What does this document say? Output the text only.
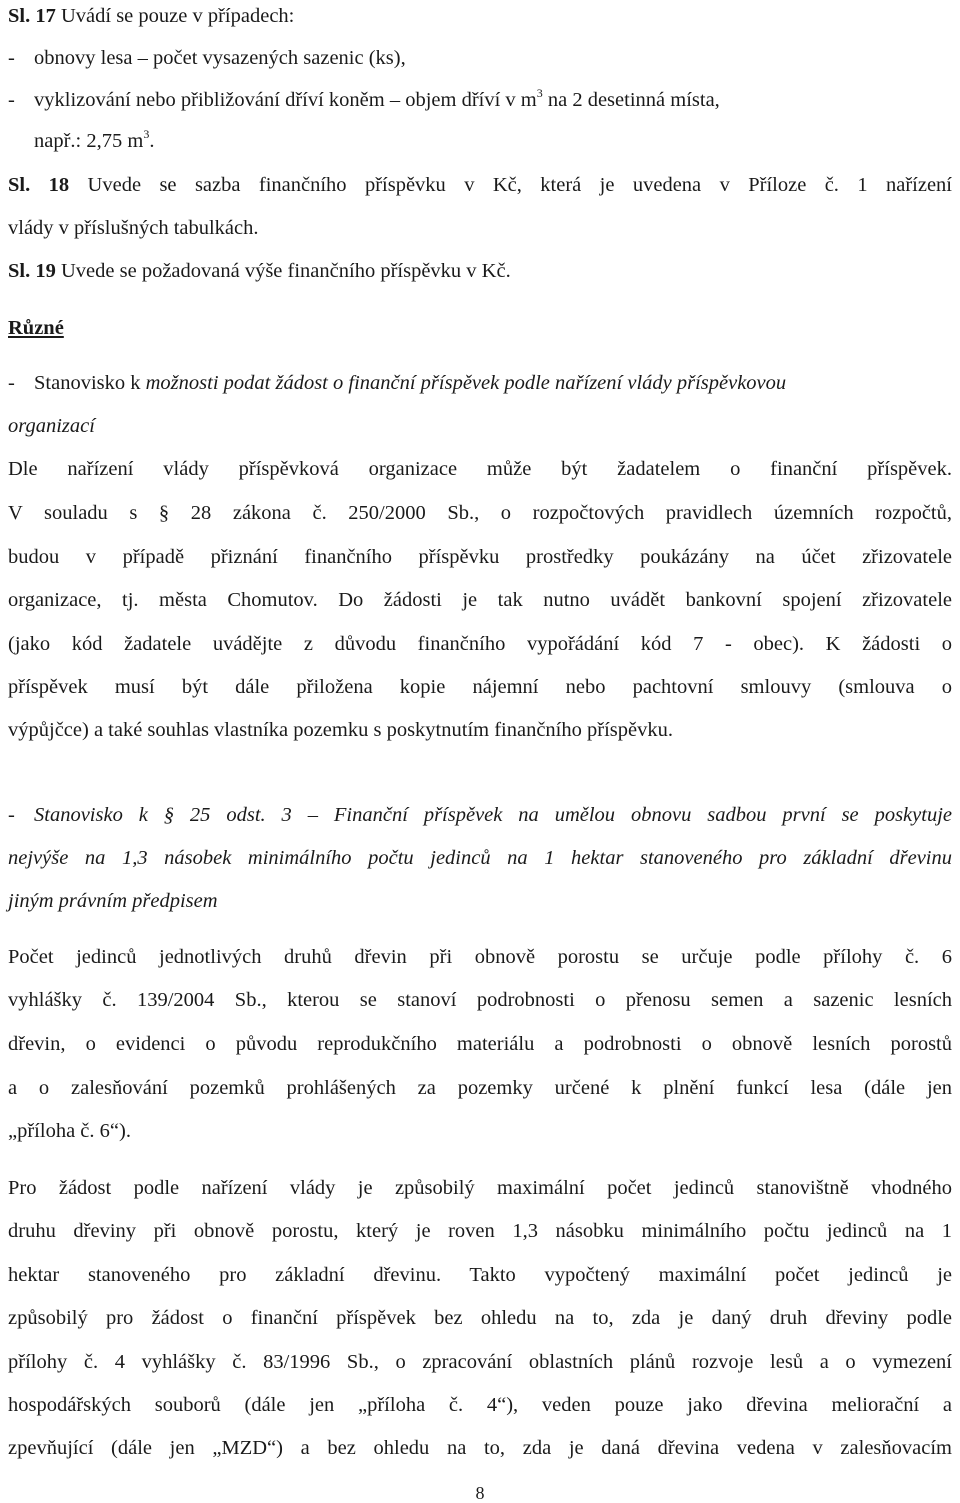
Sl. 17 Uvádí se pouze v případech:
- obnovy lesa – počet vysazených sazenic (ks),
- vyklizování nebo přibližování dříví koněm – objem dříví v $m^3$ na 2 desetinná místa,
např.: 2,75 $m^3$.
Sl. 18 Uvede se sazba finančního příspěvku v Kč, která je uvedena v Příloze č. 1 nařízení
vlády v příslušných tabulkách.
Sl. 19 Uvede se požadovaná výše finančního příspěvku v Kč.
Různé
- Stanovisko k možnosti podat žádost o finanční příspěvek podle nařízení vlády příspěvkovou
organizací
Dle nařízení vlády příspěvková organizace může být žadatelem o finanční příspěvek.
V souladu s § 28 zákona č. 250/2000 Sb., o rozpočtových pravidlech územních rozpočtů,
budou v případě přiznání finančního příspěvku prostředky poukázány na účet zřizovatele
organizace, tj. města Chomutov. Do žádosti je tak nutno uvádět bankovní spojení zřizovatele
(jako kód žadatele uvádějte z důvodu finančního vypořádání kód 7 - obec). K žádosti o
příspěvek musí být dále přiložena kopie nájemní nebo pachtovní smlouvy (smlouva o
výpůjčce) a také souhlas vlastníka pozemku s poskytnutím finančního příspěvku.
- Stanovisko k § 25 odst. 3 – Finanční příspěvek na umělou obnovu sadbou první se poskytuje
nejvýše na 1,3 násobek minimálního počtu jedinců na 1 hektar stanoveného pro základní dřevinu
jiným právním předpisem
Počet jedinců jednotlivých druhů dřevin při obnově porostu se určuje podle přílohy č. 6
vyhlášky č. 139/2004 Sb., kterou se stanoví podrobnosti o přenosu semen a sazenic lesních
dřevin, o evidenci o původu reprodukčního materiálu a podrobnosti o obnově lesních porostů
a o zalesňování pozemků prohlášených za pozemky určené k plnění funkcí lesa (dále jen
„příloha č. 6“).
Pro žádost podle nařízení vlády je způsobilý maximální počet jedinců stanovištně vhodného
druhu dřeviny při obnově porostu, který je roven 1,3 násobku minimálního počtu jedinců na 1
hektar stanoveného pro základní dřevinu. Takto vypočtený maximální počet jedinců je
způsobilý pro žádost o finanční příspěvek bez ohledu na to, zda je daný druh dřeviny podle
přílohy č. 4 vyhlášky č. 83/1996 Sb., o zpracování oblastních plánů rozvoje lesů a o vymezení
hospodářských souborů (dále jen „příloha č. 4“), veden pouze jako dřevina meliorační a
zpevňující (dále jen „MZD“) a bez ohledu na to, zda je daná dřevina vedena v zalesňovacím
8
